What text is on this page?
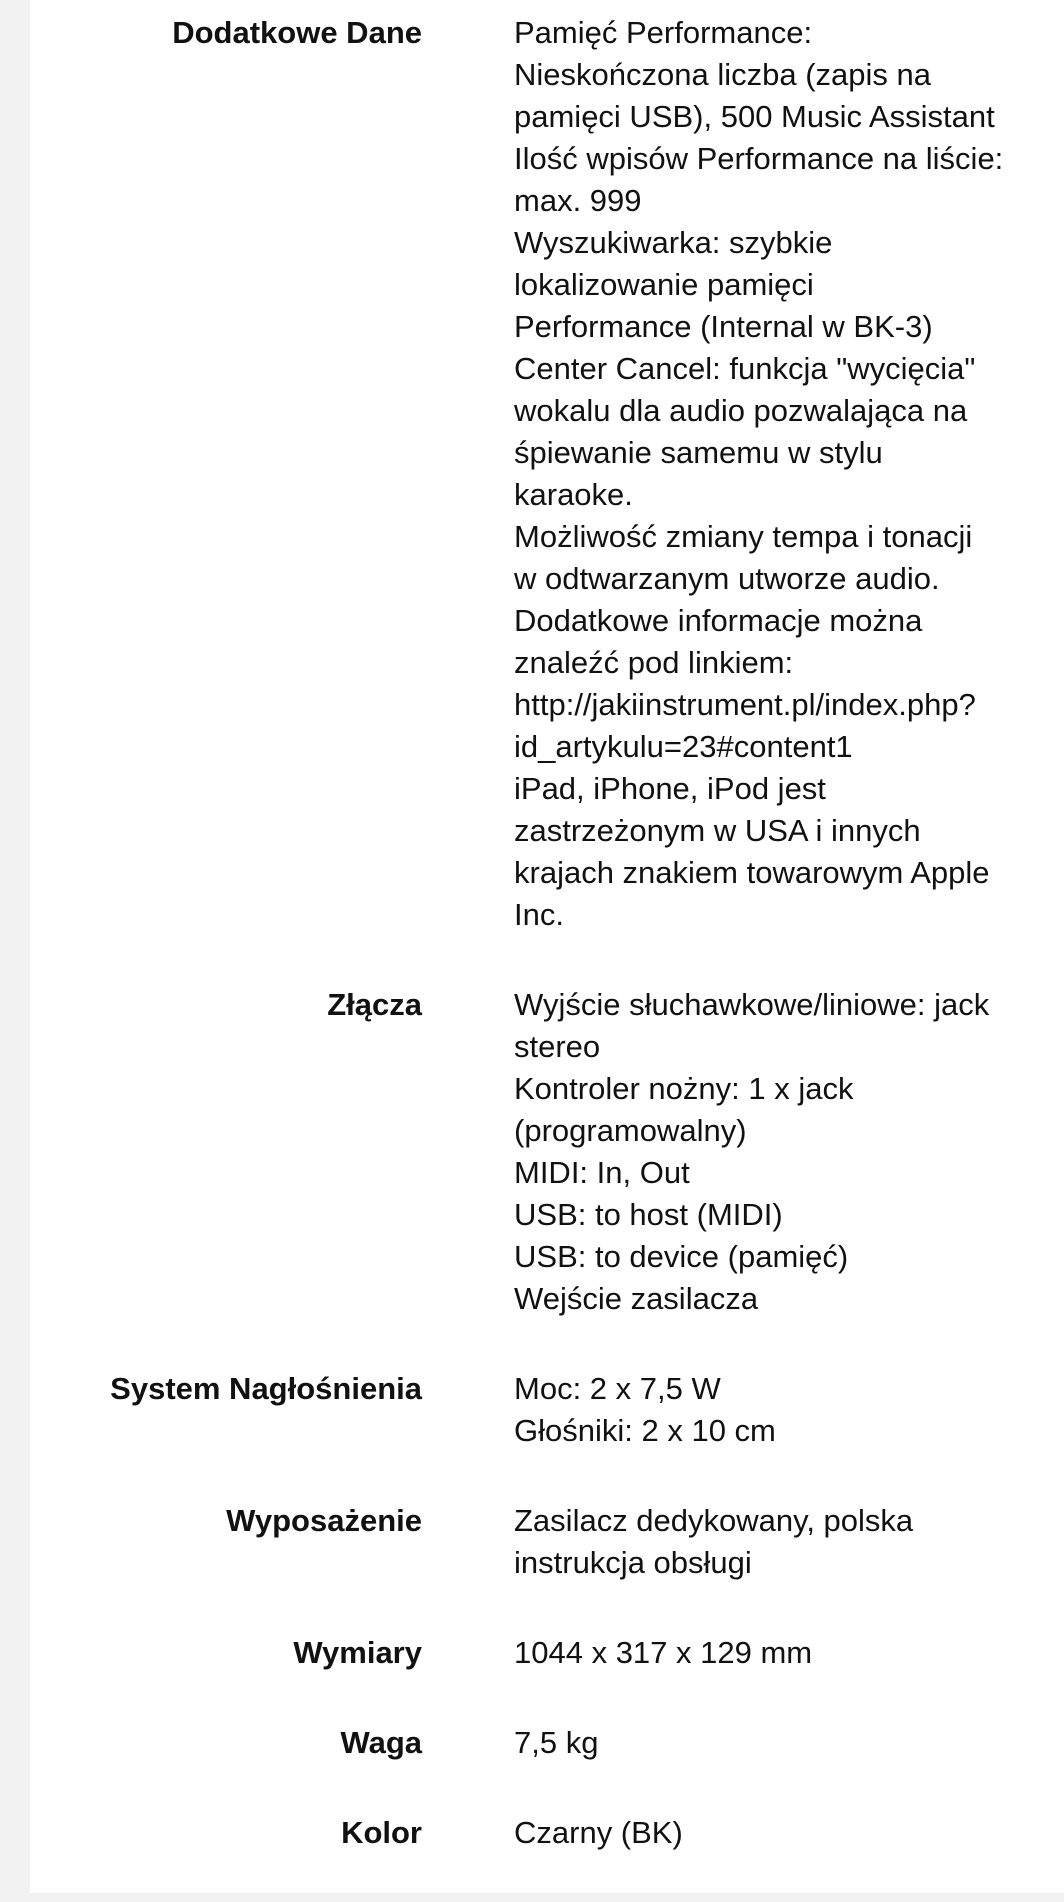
Dodatkowe Dane	Pamięć Performance:
Nieskończona liczba (zapis na
pamięci USB), 500 Music Assistant
Ilość wpisów Performance na liście:
max. 999
Wyszukiwarka: szybkie
lokalizowanie pamięci
Performance (Internal w BK-3)
Center Cancel: funkcja "wycięcia"
wokalu dla audio pozwalająca na
śpiewanie samemu w stylu
karaoke.
Możliwość zmiany tempa i tonacji
w odtwarzanym utworze audio.
Dodatkowe informacje można
znaleźć pod linkiem:
http://jakiinstrument.pl/index.php?
id_artykulu=23#content1
iPad, iPhone, iPod jest
zastrzeżonym w USA i innych
krajach znakiem towarowym Apple
Inc.
Złącza	Wyjście słuchawkowe/liniowe: jack
stereo
Kontroler nożny: 1 x jack
(programowalny)
MIDI: In, Out
USB: to host (MIDI)
USB: to device (pamięć)
Wejście zasilacza
System Nagłośnienia	Moc: 2 x 7,5 W
Głośniki: 2 x 10 cm
Wyposażenie	Zasilacz dedykowany, polska
instrukcja obsługi
Wymiary	1044 x 317 x 129 mm
Waga	7,5 kg
Kolor	Czarny (BK)
